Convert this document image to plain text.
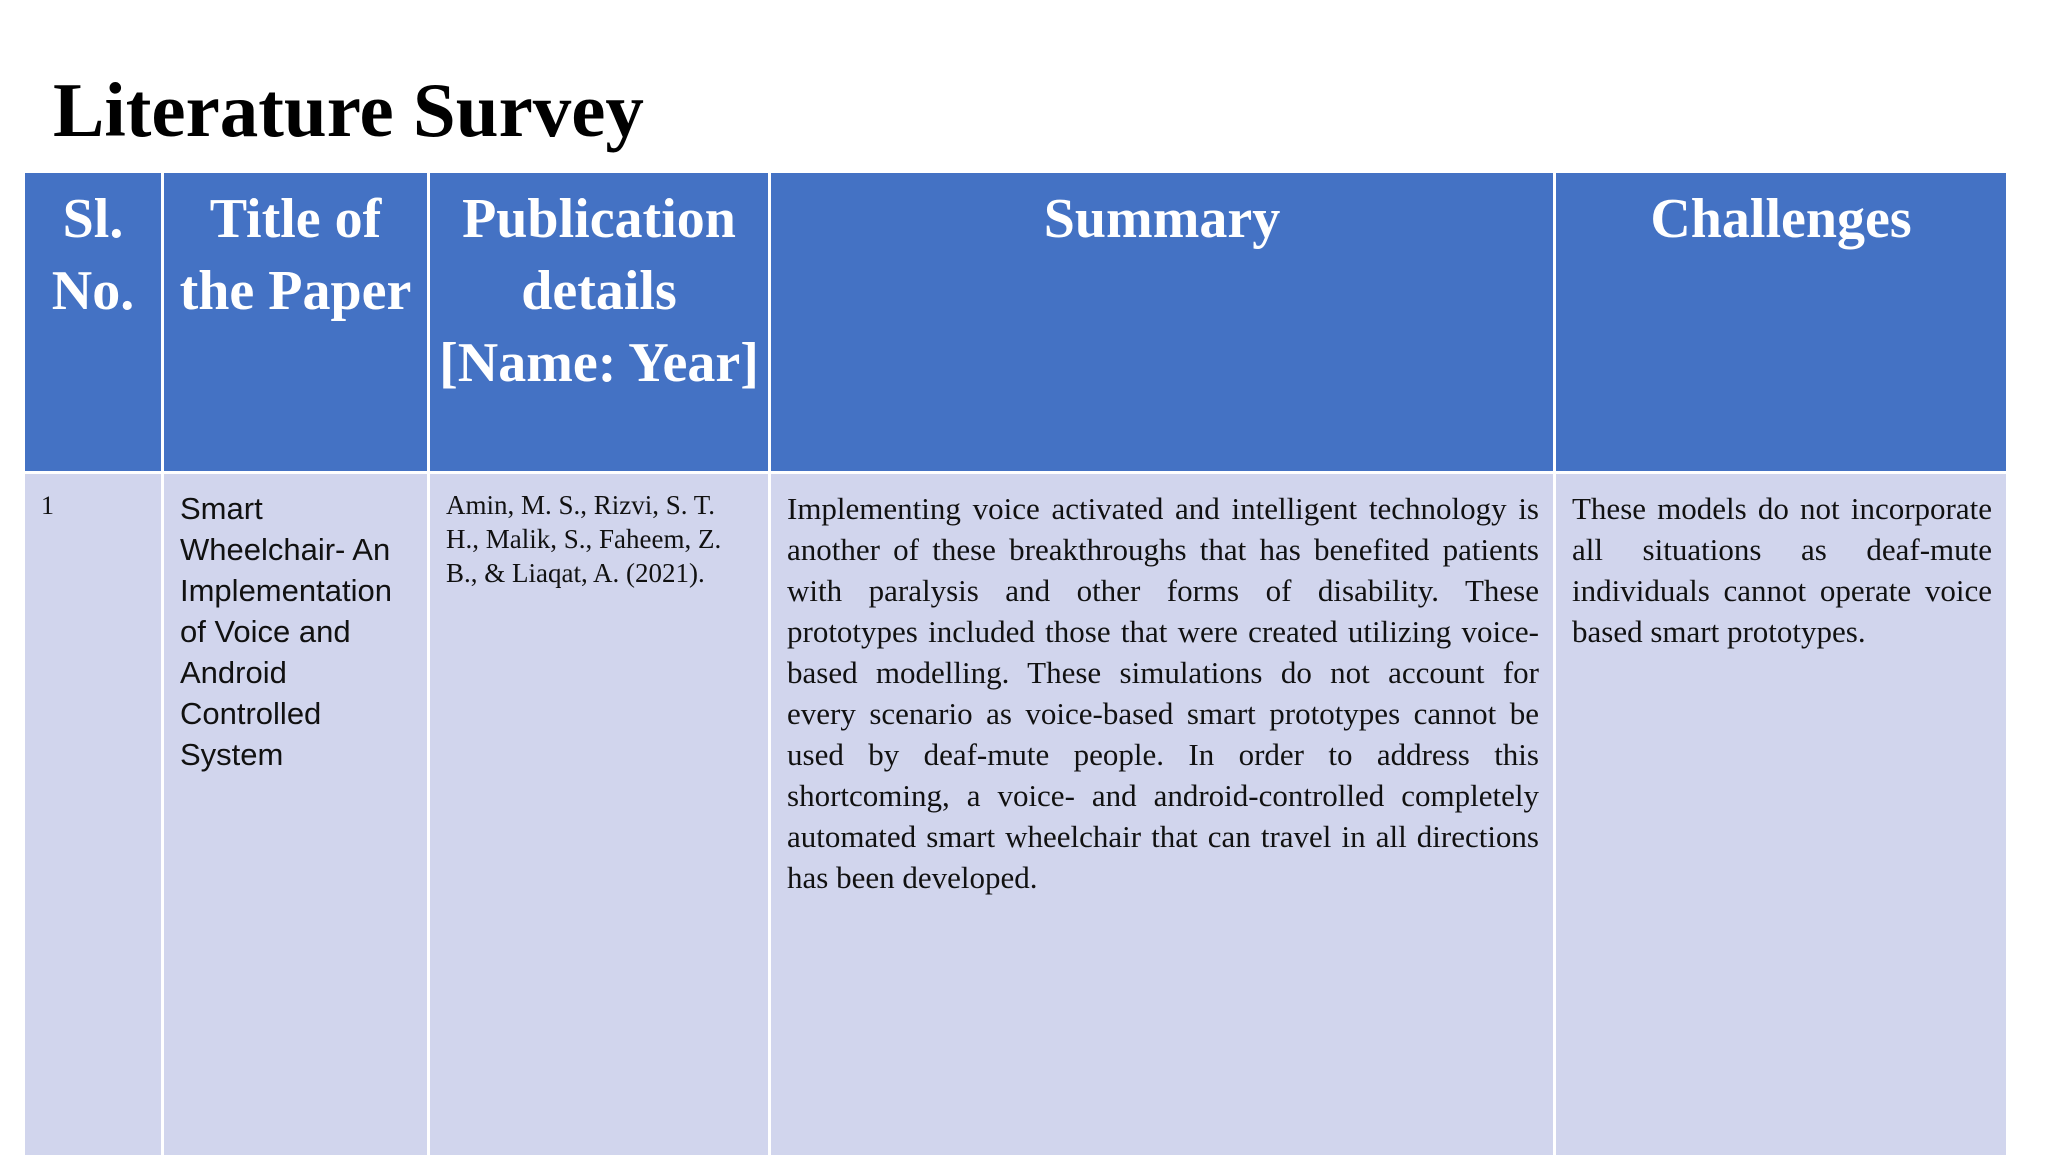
Literature Survey
Sl. No.	Title of the Paper	Publication details [Name: Year]	Summary	Challenges
1	Smart Wheelchair- An Implementation of Voice and Android Controlled System	Amin, M. S., Rizvi, S. T. H., Malik, S., Faheem, Z. B., & Liaqat, A. (2021).	Implementing voice activated and intelligent technology is another of these breakthroughs that has benefited patients with paralysis and other forms of disability. These prototypes included those that were created utilizing voice-based modelling. These simulations do not account for every scenario as voice-based smart prototypes cannot be used by deaf-mute people. In order to address this shortcoming, a voice- and android-controlled completely automated smart wheelchair that can travel in all directions has been developed.	These models do not incorporate all situations as deaf-mute individuals cannot operate voice based smart prototypes.
